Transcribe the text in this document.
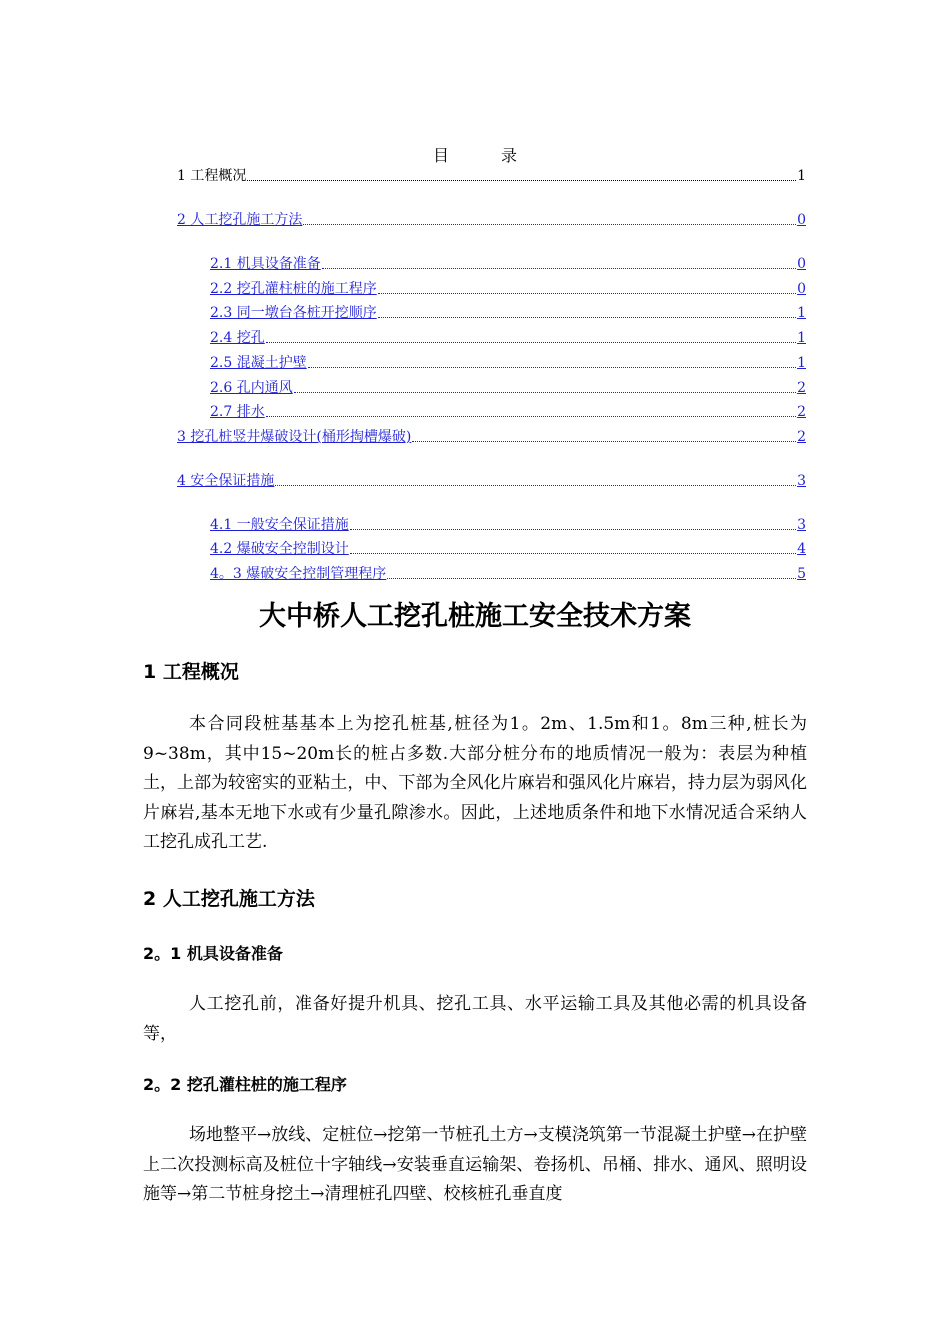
目	录
1 工程概况	1
2 人工挖孔施工方法	0
2.1 机具设备准备	0
2.2 挖孔灌柱桩的施工程序	0
2.3 同一墩台各桩开挖顺序	1
2.4 挖孔	1
2.5 混凝土护壁	1
2.6 孔内通风	2
2.7 排水	2
3 挖孔桩竖井爆破设计(桶形掏槽爆破)	2
4 安全保证措施	3
4.1 一般安全保证措施	3
4.2 爆破安全控制设计	4
4。3 爆破安全控制管理程序	5
大中桥人工挖孔桩施工安全技术方案
1 工程概况
本合同段桩基基本上为挖孔桩基,桩径为1。2m、1.5m和1。8m三种,桩长为9~38m，其中15~20m长的桩占多数.大部分桩分布的地质情况一般为：表层为种植土，上部为较密实的亚粘土，中、下部为全风化片麻岩和强风化片麻岩，持力层为弱风化片麻岩,基本无地下水或有少量孔隙渗水。因此，上述地质条件和地下水情况适合采纳人工挖孔成孔工艺.
2 人工挖孔施工方法
2。1 机具设备准备
人工挖孔前，准备好提升机具、挖孔工具、水平运输工具及其他必需的机具设备等，
2。2 挖孔灌柱桩的施工程序
场地整平→放线、定桩位→挖第一节桩孔土方→支模浇筑第一节混凝土护壁→在护壁上二次投测标高及桩位十字轴线→安装垂直运输架、卷扬机、吊桶、排水、通风、照明设施等→第二节桩身挖土→清理桩孔四壁、校核桩孔垂直度
